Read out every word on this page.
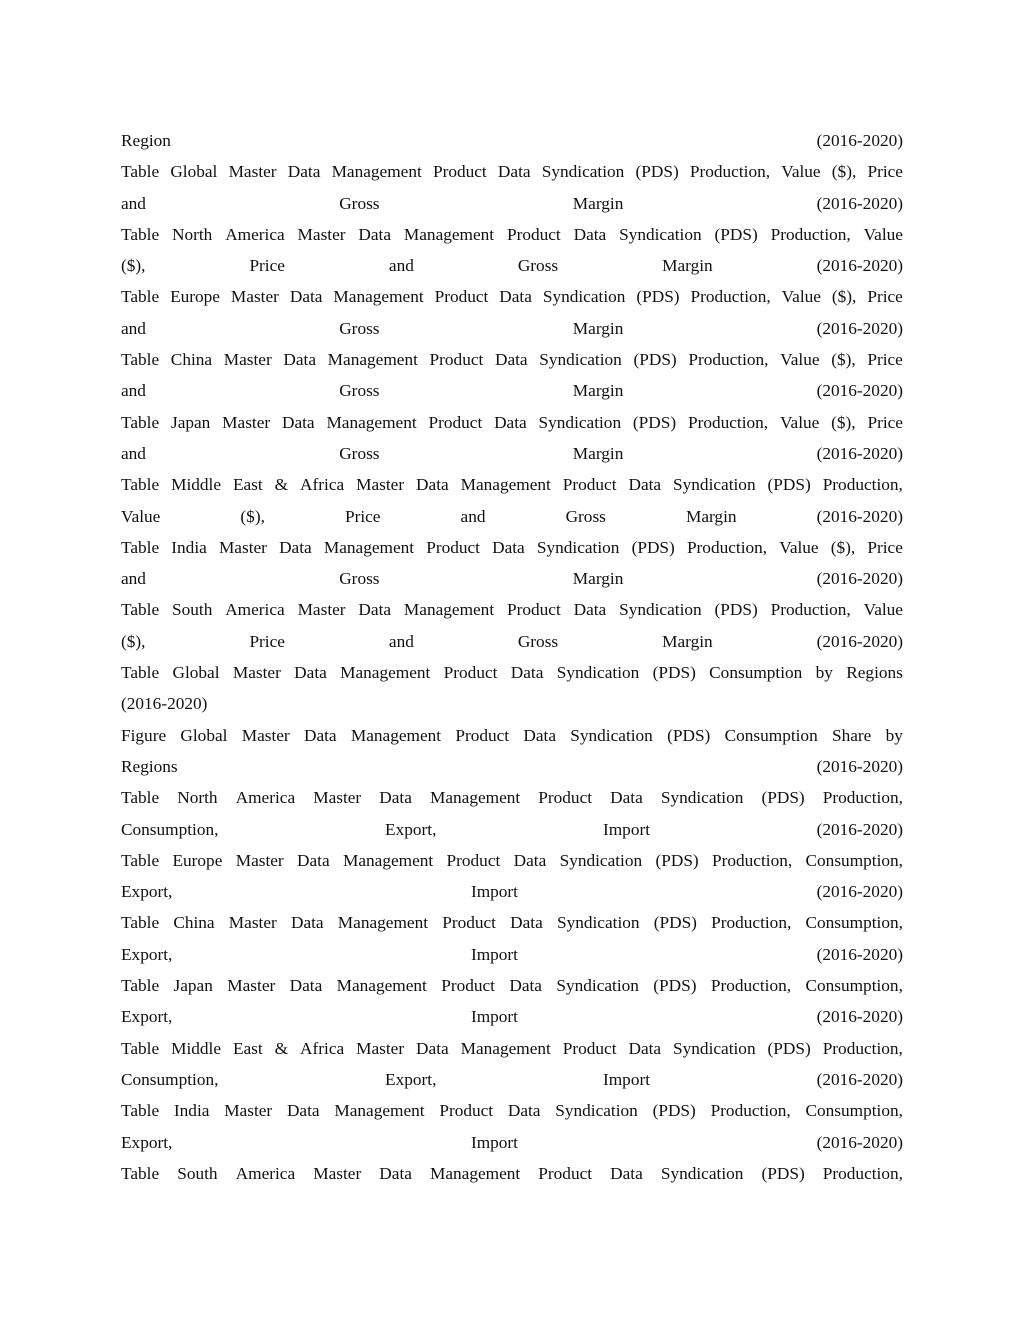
Region	(2016-2020)
Table Global Master Data Management Product Data Syndication (PDS) Production, Value ($), Price
and	Gross	Margin	(2016-2020)
Table North America Master Data Management Product Data Syndication (PDS) Production, Value
($),	Price	and	Gross	Margin	(2016-2020)
Table Europe Master Data Management Product Data Syndication (PDS) Production, Value ($), Price
and	Gross	Margin	(2016-2020)
Table China Master Data Management Product Data Syndication (PDS) Production, Value ($), Price
and	Gross	Margin	(2016-2020)
Table Japan Master Data Management Product Data Syndication (PDS) Production, Value ($), Price
and	Gross	Margin	(2016-2020)
Table Middle East & Africa Master Data Management Product Data Syndication (PDS) Production,
Value	($),	Price	and	Gross	Margin	(2016-2020)
Table India Master Data Management Product Data Syndication (PDS) Production, Value ($), Price
and	Gross	Margin	(2016-2020)
Table South America Master Data Management Product Data Syndication (PDS) Production, Value
($),	Price	and	Gross	Margin	(2016-2020)
Table Global Master Data Management Product Data Syndication (PDS) Consumption by Regions
(2016-2020)
Figure Global Master Data Management Product Data Syndication (PDS) Consumption Share by
Regions	(2016-2020)
Table North America Master Data Management Product Data Syndication (PDS) Production,
Consumption,	Export,	Import	(2016-2020)
Table Europe Master Data Management Product Data Syndication (PDS) Production, Consumption,
Export,	Import	(2016-2020)
Table China Master Data Management Product Data Syndication (PDS) Production, Consumption,
Export,	Import	(2016-2020)
Table Japan Master Data Management Product Data Syndication (PDS) Production, Consumption,
Export,	Import	(2016-2020)
Table Middle East & Africa Master Data Management Product Data Syndication (PDS) Production,
Consumption,	Export,	Import	(2016-2020)
Table India Master Data Management Product Data Syndication (PDS) Production, Consumption,
Export,	Import	(2016-2020)
Table South America Master Data Management Product Data Syndication (PDS) Production,
